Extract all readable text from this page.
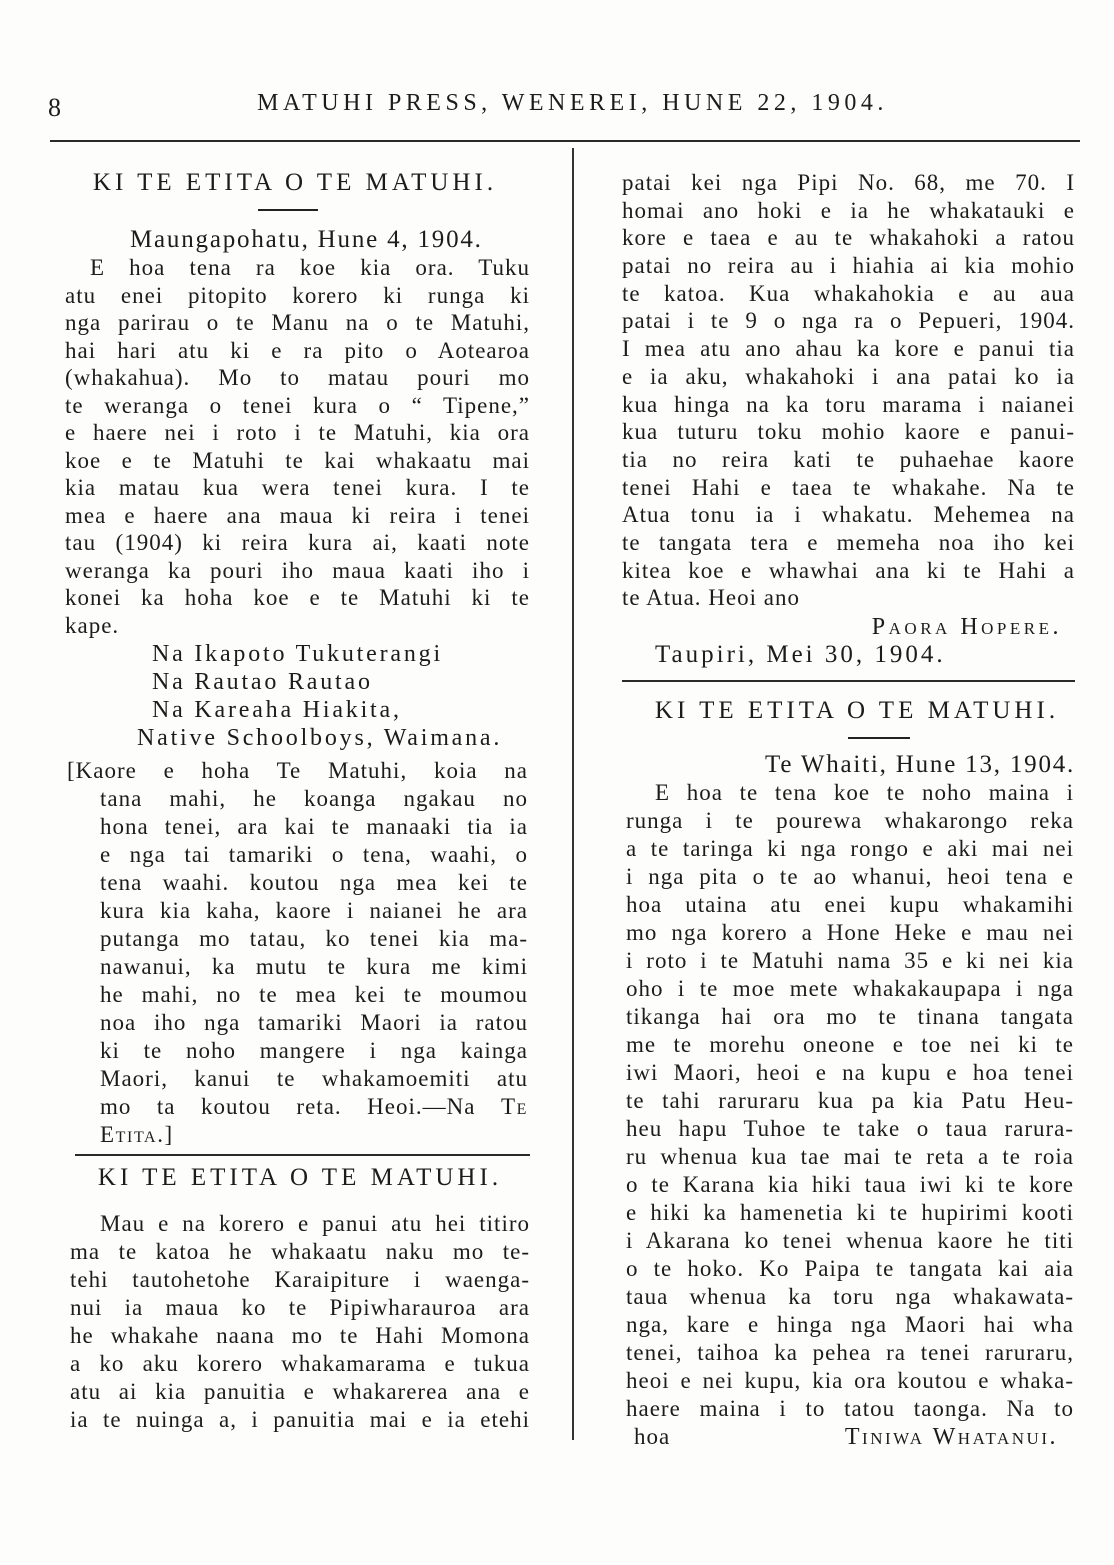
8	MATUHI PRESS, WENEREI, HUNE 22, 1904.
KI TE ETITA O TE MATUHI.
Maungapohatu, Hune 4, 1904.
E hoa tena ra koe kia ora. Tuku
atu enei pitopito korero ki runga ki
nga parirau o te Manu na o te Matuhi,
hai hari atu ki e ra pito o Aotearoa
(whakahua). Mo to matau pouri mo
te weranga o tenei kura o “ Tipene,”
e haere nei i roto i te Matuhi, kia ora
koe e te Matuhi te kai whakaatu mai
kia matau kua wera tenei kura. I te
mea e haere ana maua ki reira i tenei
tau (1904) ki reira kura ai, kaati note
weranga ka pouri iho maua kaati iho i
konei ka hoha koe e te Matuhi ki te
kape.
Na Ikapoto Tukuterangi
Na Rautao Rautao
Na Kareaha Hiakita,
Native Schoolboys, Waimana.
[Kaore e hoha Te Matuhi, koia na
tana mahi, he koanga ngakau no
hona tenei, ara kai te manaaki tia ia
e nga tai tamariki o tena, waahi, o
tena waahi. koutou nga mea kei te
kura kia kaha, kaore i naianei he ara
putanga mo tatau, ko tenei kia ma-
nawanui, ka mutu te kura me kimi
he mahi, no te mea kei te moumou
noa iho nga tamariki Maori ia ratou
ki te noho mangere i nga kainga
Maori, kanui te whakamoemiti atu
mo ta koutou reta. Heoi.—Na Te
Etita.]
KI TE ETITA O TE MATUHI.
Mau e na korero e panui atu hei titiro
ma te katoa he whakaatu naku mo te-
tehi tautohetohe Karaipiture i waenga-
nui ia maua ko te Pipiwharauroa ara
he whakahe naana mo te Hahi Momona
a ko aku korero whakamarama e tukua
atu ai kia panuitia e whakarerea ana e
ia te nuinga a, i panuitia mai e ia etehi
patai kei nga Pipi No. 68, me 70. I
homai ano hoki e ia he whakatauki e
kore e taea e au te whakahoki a ratou
patai no reira au i hiahia ai kia mohio
te katoa. Kua whakahokia e au aua
patai i te 9 o nga ra o Pepueri, 1904.
I mea atu ano ahau ka kore e panui tia
e ia aku, whakahoki i ana patai ko ia
kua hinga na ka toru marama i naianei
kua tuturu toku mohio kaore e panui-
tia no reira kati te puhaehae kaore
tenei Hahi e taea te whakahe. Na te
Atua tonu ia i whakatu. Mehemea na
te tangata tera e memeha noa iho kei
kitea koe e whawhai ana ki te Hahi a
te Atua. Heoi ano
Paora Hopere.
Taupiri, Mei 30, 1904.
KI TE ETITA O TE MATUHI.
Te Whaiti, Hune 13, 1904.
E hoa te tena koe te noho maina i
runga i te pourewa whakarongo reka
a te taringa ki nga rongo e aki mai nei
i nga pita o te ao whanui, heoi tena e
hoa utaina atu enei kupu whakamihi
mo nga korero a Hone Heke e mau nei
i roto i te Matuhi nama 35 e ki nei kia
oho i te moe mete whakakaupapa i nga
tikanga hai ora mo te tinana tangata
me te morehu oneone e toe nei ki te
iwi Maori, heoi e na kupu e hoa tenei
te tahi raruraru kua pa kia Patu Heu-
heu hapu Tuhoe te take o taua rarura-
ru whenua kua tae mai te reta a te roia
o te Karana kia hiki taua iwi ki te kore
e hiki ka hamenetia ki te hupirimi kooti
i Akarana ko tenei whenua kaore he titi
o te hoko. Ko Paipa te tangata kai aia
taua whenua ka toru nga whakawata-
nga, kare e hinga nga Maori hai wha
tenei, taihoa ka pehea ra tenei raruraru,
heoi e nei kupu, kia ora koutou e whaka-
haere maina i to tatou taonga. Na to
hoa	Tiniwa Whatanui.
